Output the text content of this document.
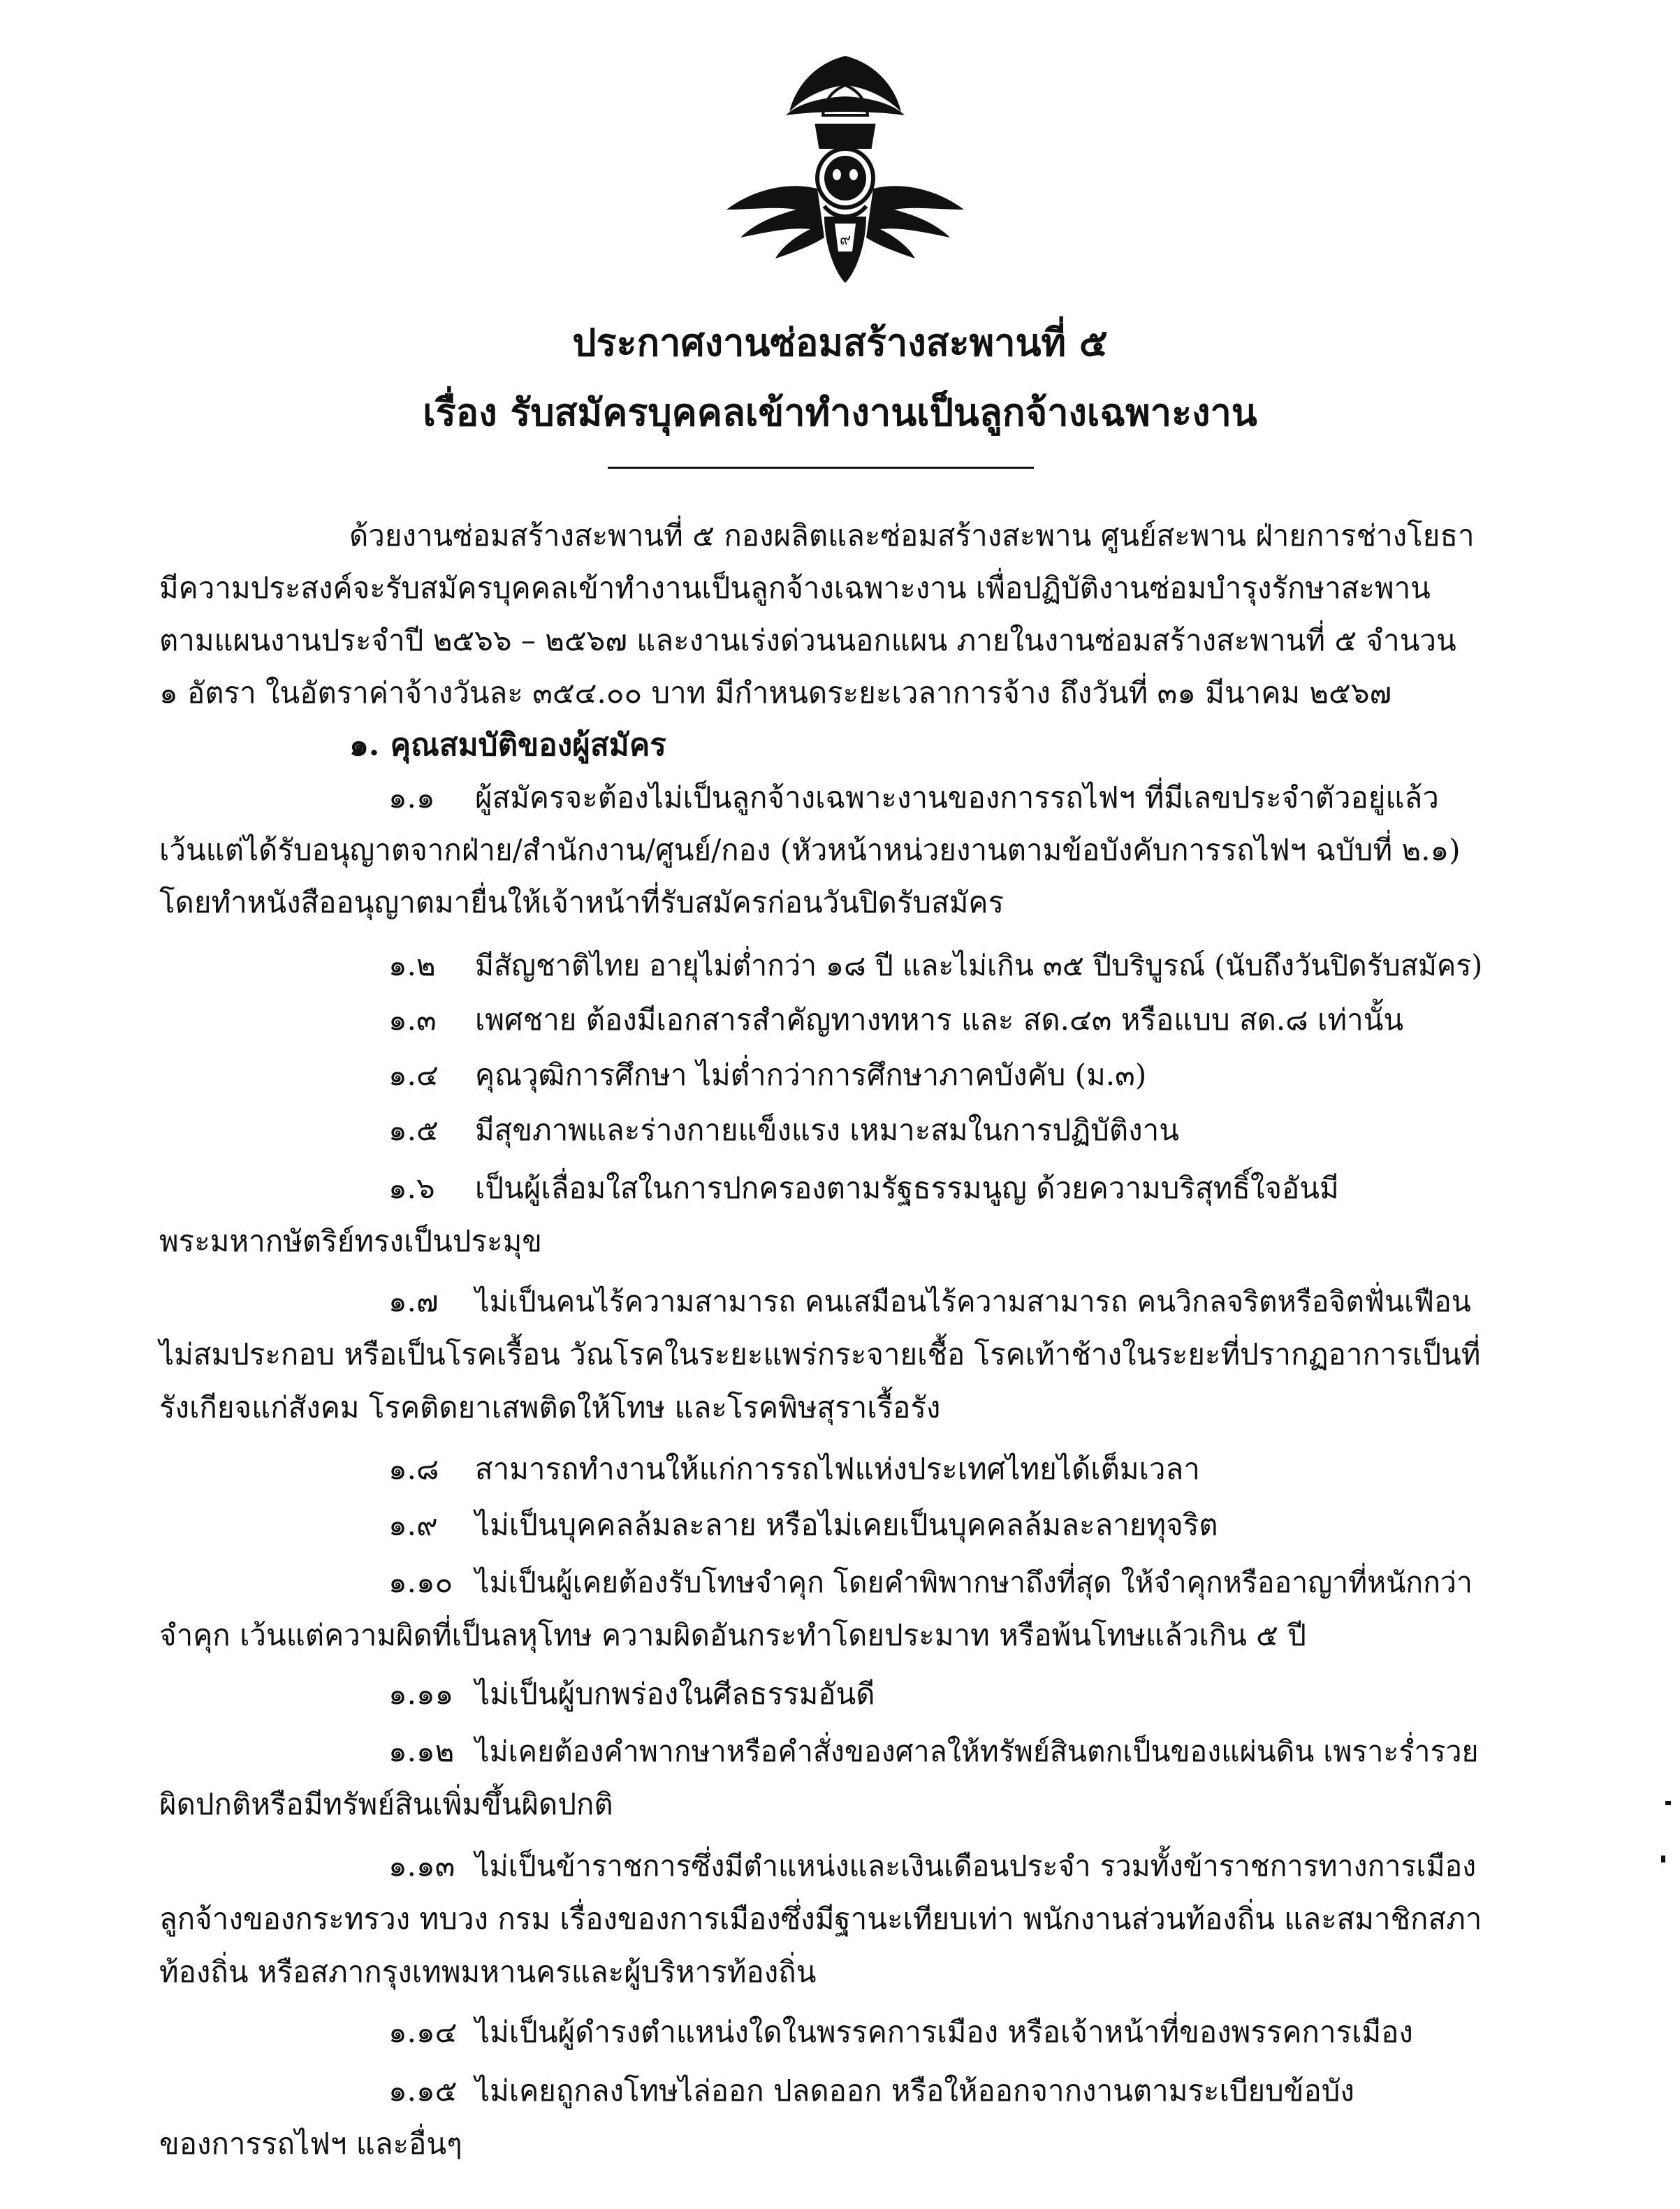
๙
ประกาศงานซ่อมสร้างสะพานที่ ๕
เรื่อง รับสมัครบุคคลเข้าทำงานเป็นลูกจ้างเฉพาะงาน
ด้วยงานซ่อมสร้างสะพานที่ ๕ กองผลิตและซ่อมสร้างสะพาน ศูนย์สะพาน ฝ่ายการช่างโยธา
มีความประสงค์จะรับสมัครบุคคลเข้าทำงานเป็นลูกจ้างเฉพาะงาน เพื่อปฏิบัติงานซ่อมบำรุงรักษาสะพาน
ตามแผนงานประจำปี ๒๕๖๖ – ๒๕๖๗ และงานเร่งด่วนนอกแผน ภายในงานซ่อมสร้างสะพานที่ ๕ จำนวน
๑ อัตรา ในอัตราค่าจ้างวันละ ๓๕๔.๐๐ บาท มีกำหนดระยะเวลาการจ้าง ถึงวันที่ ๓๑ มีนาคม ๒๕๖๗
๑. คุณสมบัติของผู้สมัคร
๑.๑ ผู้สมัครจะต้องไม่เป็นลูกจ้างเฉพาะงานของการรถไฟฯ ที่มีเลขประจำตัวอยู่แล้ว
เว้นแต่ได้รับอนุญาตจากฝ่าย/สำนักงาน/ศูนย์/กอง (หัวหน้าหน่วยงานตามข้อบังคับการรถไฟฯ ฉบับที่ ๒.๑)
โดยทำหนังสืออนุญาตมายื่นให้เจ้าหน้าที่รับสมัครก่อนวันปิดรับสมัคร
๑.๒ มีสัญชาติไทย อายุไม่ต่ำกว่า ๑๘ ปี และไม่เกิน ๓๕ ปีบริบูรณ์ (นับถึงวันปิดรับสมัคร)
๑.๓ เพศชาย ต้องมีเอกสารสำคัญทางทหาร และ สด.๔๓ หรือแบบ สด.๘ เท่านั้น
๑.๔ คุณวุฒิการศึกษา ไม่ต่ำกว่าการศึกษาภาคบังคับ (ม.๓)
๑.๕ มีสุขภาพและร่างกายแข็งแรง เหมาะสมในการปฏิบัติงาน
๑.๖ เป็นผู้เลื่อมใสในการปกครองตามรัฐธรรมนูญ ด้วยความบริสุทธิ์ใจอันมี
พระมหากษัตริย์ทรงเป็นประมุข
๑.๗ ไม่เป็นคนไร้ความสามารถ คนเสมือนไร้ความสามารถ คนวิกลจริตหรือจิตฟั่นเฟือน
ไม่สมประกอบ หรือเป็นโรคเรื้อน วัณโรคในระยะแพร่กระจายเชื้อ โรคเท้าช้างในระยะที่ปรากฏอาการเป็นที่
รังเกียจแก่สังคม โรคติดยาเสพติดให้โทษ และโรคพิษสุราเรื้อรัง
๑.๘ สามารถทำงานให้แก่การรถไฟแห่งประเทศไทยได้เต็มเวลา
๑.๙ ไม่เป็นบุคคลล้มละลาย หรือไม่เคยเป็นบุคคลล้มละลายทุจริต
๑.๑๐ ไม่เป็นผู้เคยต้องรับโทษจำคุก โดยคำพิพากษาถึงที่สุด ให้จำคุกหรืออาญาที่หนักกว่า
จำคุก เว้นแต่ความผิดที่เป็นลหุโทษ ความผิดอันกระทำโดยประมาท หรือพ้นโทษแล้วเกิน ๕ ปี
๑.๑๑ ไม่เป็นผู้บกพร่องในศีลธรรมอันดี
๑.๑๒ ไม่เคยต้องคำพากษาหรือคำสั่งของศาลให้ทรัพย์สินตกเป็นของแผ่นดิน เพราะร่ำรวย
ผิดปกติหรือมีทรัพย์สินเพิ่มขึ้นผิดปกติ
๑.๑๓ ไม่เป็นข้าราชการซึ่งมีตำแหน่งและเงินเดือนประจำ รวมทั้งข้าราชการทางการเมือง
ลูกจ้างของกระทรวง ทบวง กรม เรื่องของการเมืองซึ่งมีฐานะเทียบเท่า พนักงานส่วนท้องถิ่น และสมาชิกสภา
ท้องถิ่น หรือสภากรุงเทพมหานครและผู้บริหารท้องถิ่น
๑.๑๔ ไม่เป็นผู้ดำรงตำแหน่งใดในพรรคการเมือง หรือเจ้าหน้าที่ของพรรคการเมือง
๑.๑๕ ไม่เคยถูกลงโทษไล่ออก ปลดออก หรือให้ออกจากงานตามระเบียบข้อบัง
ของการรถไฟฯ และอื่นๆ
